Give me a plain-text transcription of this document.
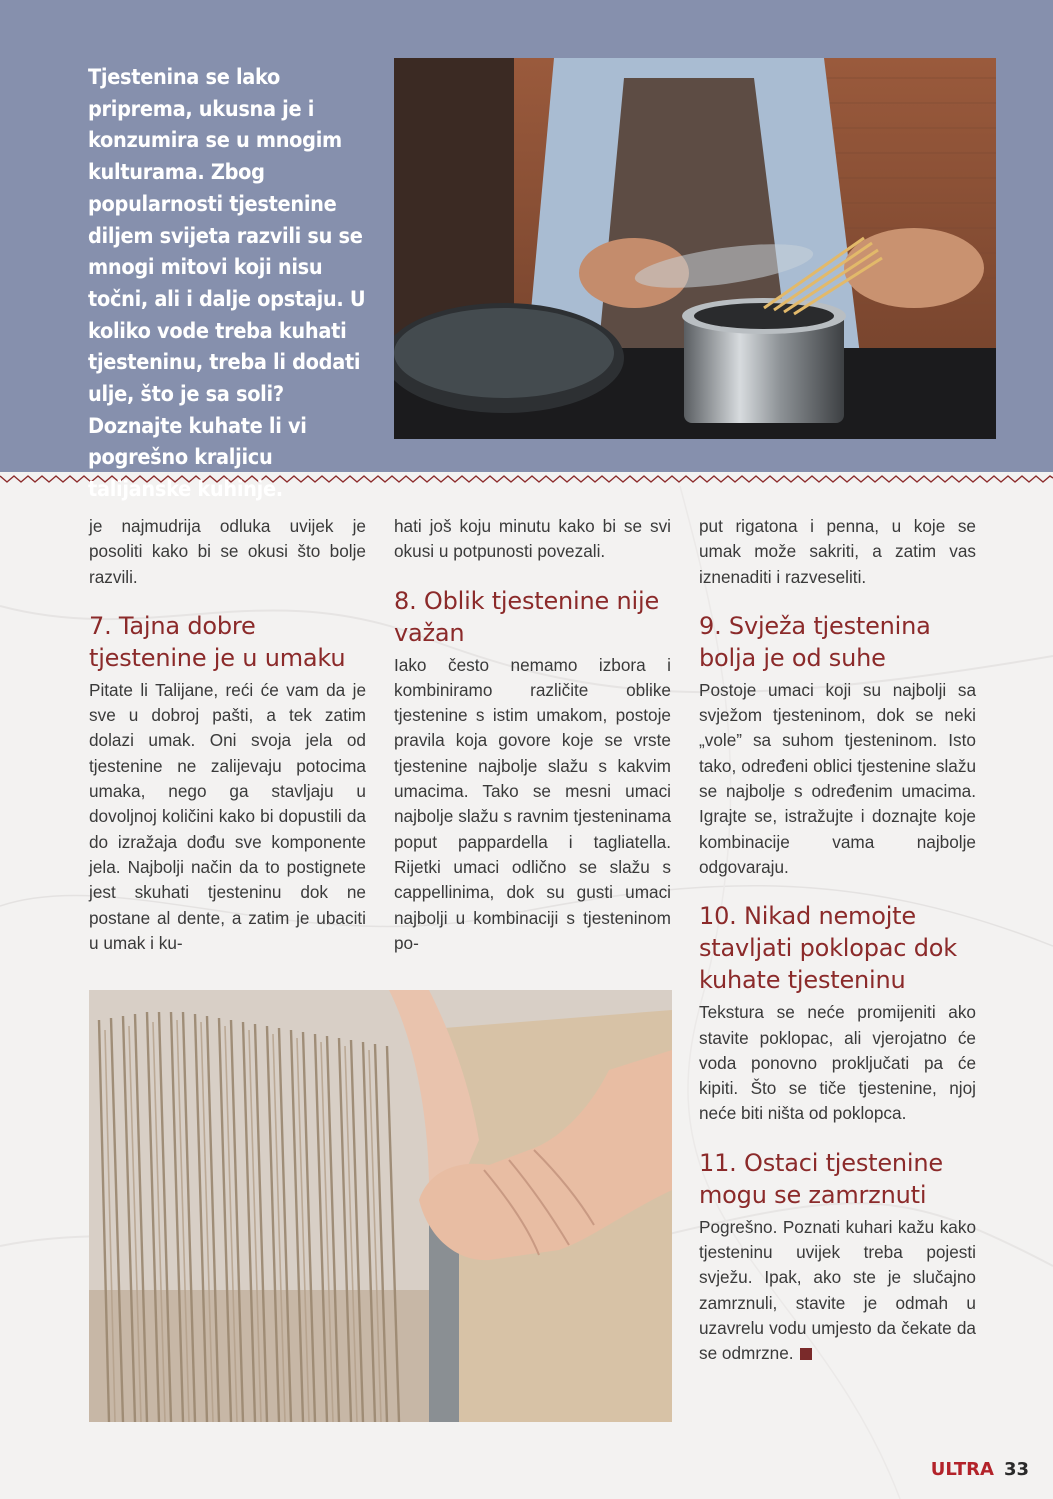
Tjestenina se lako priprema, ukusna je i konzumira se u mnogim kulturama. Zbog popularnosti tjestenine diljem svijeta razvili su se mnogi mitovi koji nisu točni, ali i dalje opstaju. U koliko vode treba kuhati tjesteninu, treba li dodati ulje, što je sa soli? Doznajte kuhate li vi pogrešno kraljicu talijanske kuhinje.

je najmudrija odluka uvijek je posoliti kako bi se okusi što bolje razvili.

7. Tajna dobre tjestenine je u umaku

Pitate li Talijane, reći će vam da je sve u dobroj pašti, a tek zatim dolazi umak. Oni svoja jela od tjestenine ne zalijevaju potocima umaka, nego ga stavljaju u dovoljnoj količini kako bi dopustili da do izražaja dođu sve komponente jela. Najbolji način da to postignete jest skuhati tjesteninu dok ne postane al dente, a zatim je ubaciti u umak i ku-

hati još koju minutu kako bi se svi okusi u potpunosti povezali.

8. Oblik tjestenine nije važan

Iako često nemamo izbora i kombiniramo različite oblike tjestenine s istim umakom, postoje pravila koja govore koje se vrste tjestenine najbolje slažu s kakvim umacima. Tako se mesni umaci najbolje slažu s ravnim tjesteninama poput pappardella i tagliatella. Rijetki umaci odlično se slažu s cappellinima, dok su gusti umaci najbolji u kombinaciji s tjesteninom po-

put rigatona i penna, u koje se umak može sakriti, a zatim vas iznenaditi i razveseliti.

9. Svježa tjestenina bolja je od suhe

Postoje umaci koji su najbolji sa svježom tjesteninom, dok se neki „vole” sa suhom tjesteninom. Isto tako, određeni oblici tjestenine slažu se najbolje s određenim umacima. Igrajte se, istražujte i doznajte koje kombinacije vama najbolje odgovaraju.

10. Nikad nemojte stavljati poklopac dok kuhate tjesteninu

Tekstura se neće promijeniti ako stavite poklopac, ali vjerojatno će voda ponovno proključati pa će kipiti. Što se tiče tjestenine, njoj neće biti ništa od poklopca.

11. Ostaci tjestenine mogu se zamrznuti

Pogrešno. Poznati kuhari kažu kako tjesteninu uvijek treba pojesti svježu. Ipak, ako ste je slučajno zamrznuli, stavite je odmah u uzavrelu vodu umjesto da čekate da se odmrzne.

ULTRA 33
